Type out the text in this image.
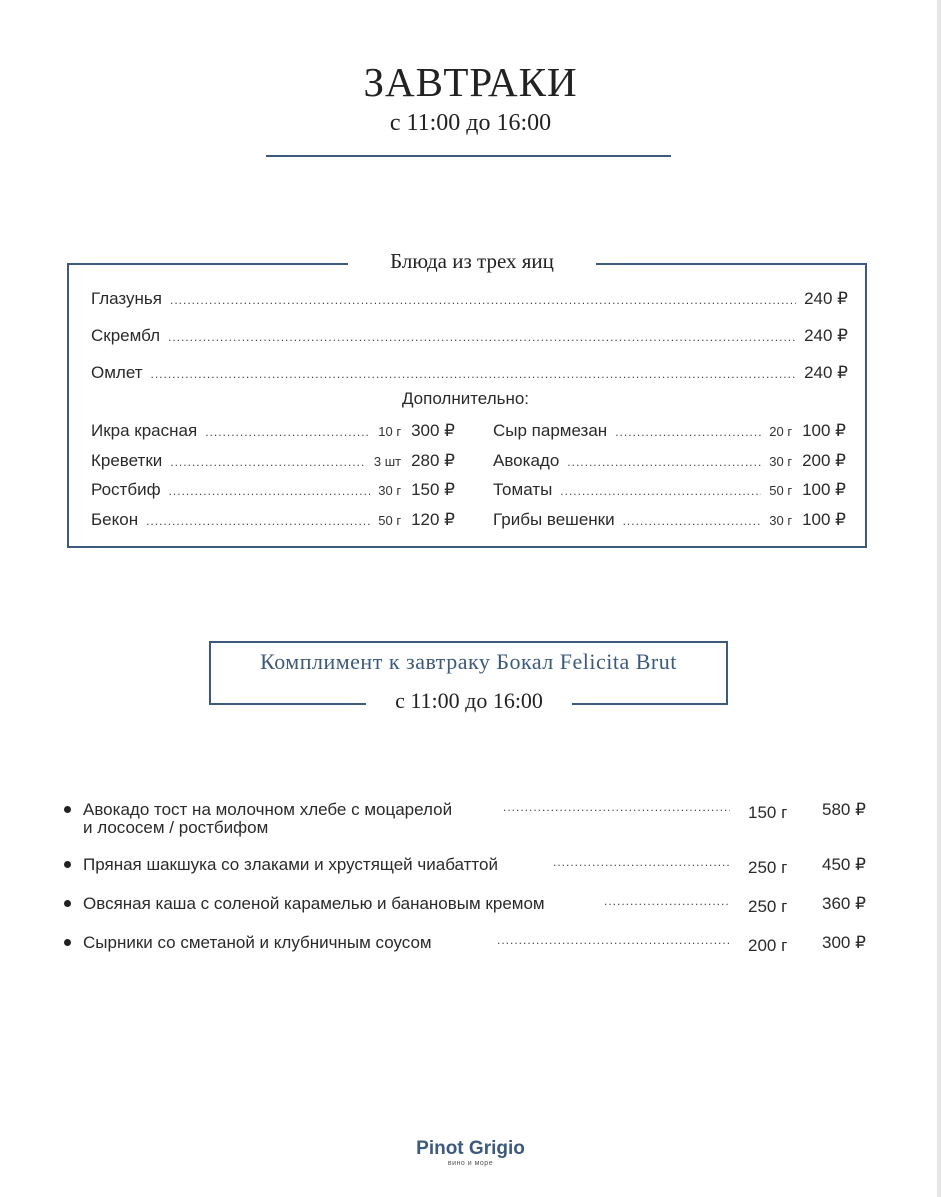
ЗАВТРАКИ
с 11:00 до 16:00
Блюда из трех яиц
Глазунья .....	240 ₽
Скрембл .....	240 ₽
Омлет .....	240 ₽
Дополнительно:
Икра красная .....	10 г 300 ₽
Креветки .....	3 шт 280 ₽
Ростбиф .....	30 г 150 ₽
Бекон .....	50 г 120 ₽
Сыр пармезан .....	20 г 100 ₽
Авокадо .....	30 г 200 ₽
Томаты .....	50 г 100 ₽
Грибы вешенки .....	30 г 100 ₽
Комплимент к завтраку Бокал Felicita Brut
с 11:00 до 16:00
Авокадо тост на молочном хлебе с моцарелой
и лососем / ростбифом
.....
150 г 580 ₽
Пряная шакшука со злаками и хрустящей чиабаттой .....	250 г 450 ₽
Овсяная каша с соленой карамелью и банановым кремом .....	250 г 360 ₽
Сырники со сметаной и клубничным соусом .....	200 г 300 ₽
Pinot Grigio
вино и море
